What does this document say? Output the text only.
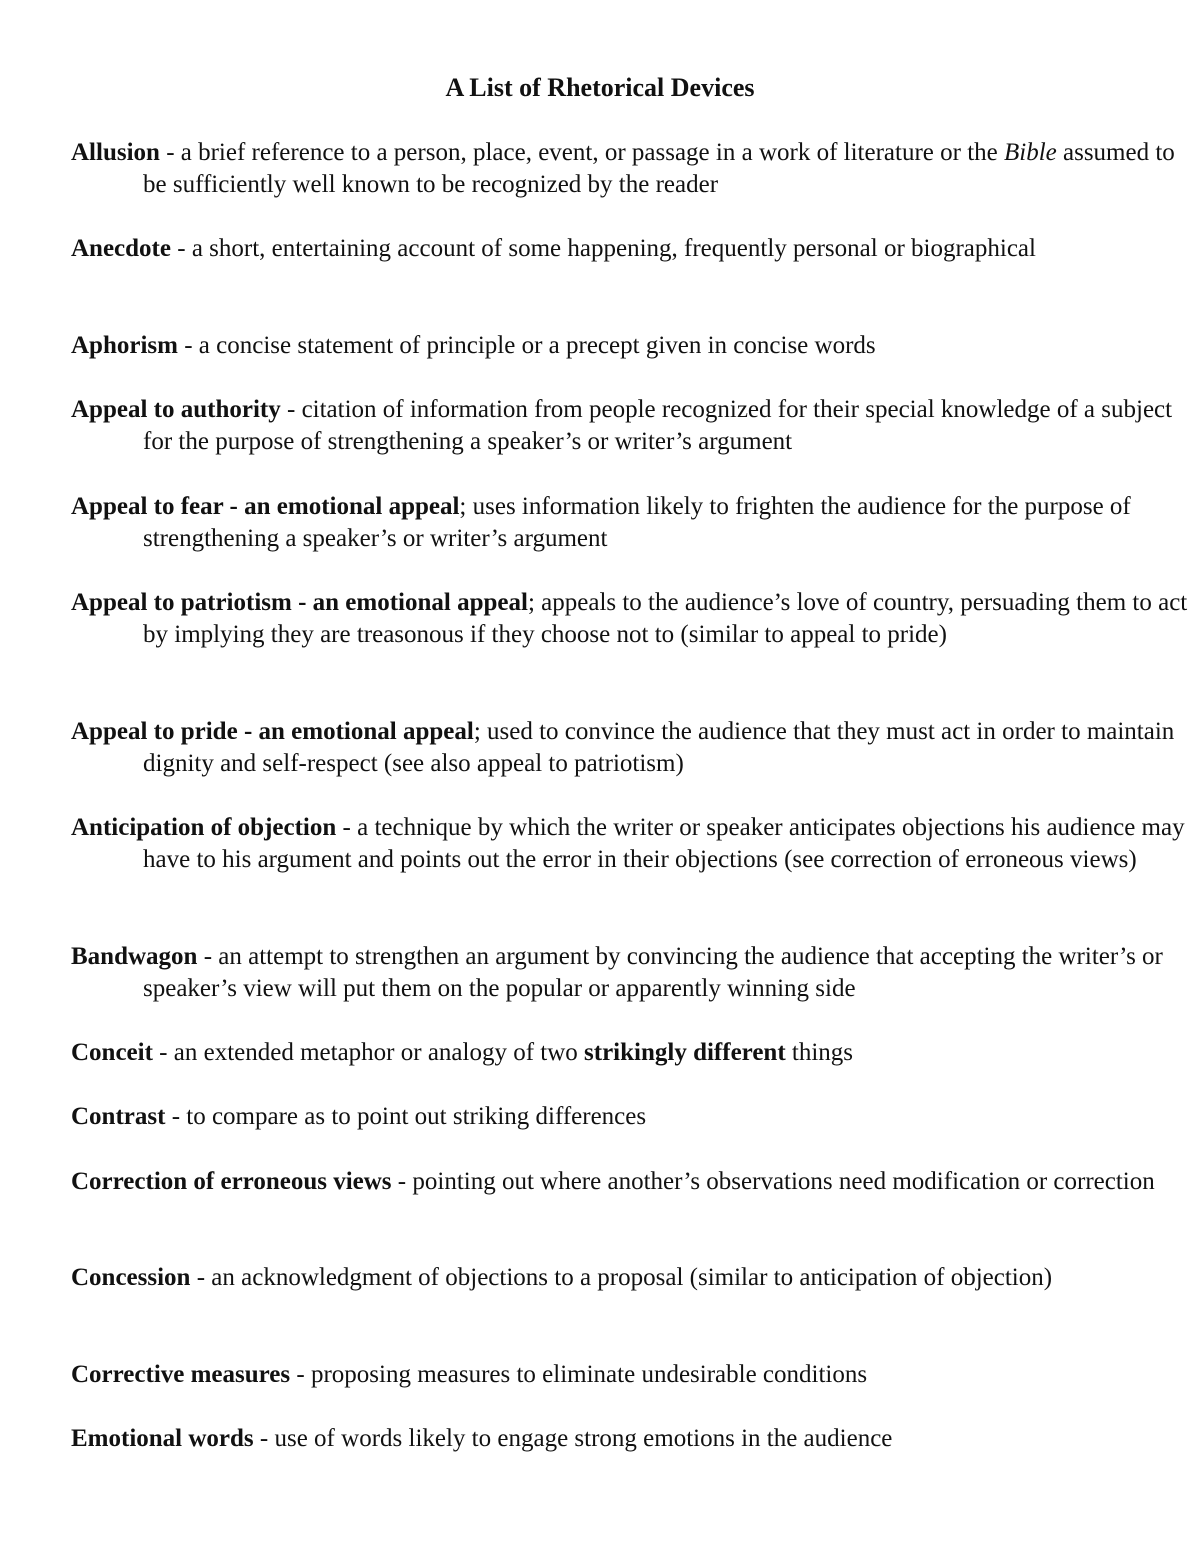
A List of Rhetorical Devices

Allusion - a brief reference to a person, place, event, or passage in a work of literature or the Bible assumed to be sufficiently well known to be recognized by the reader

Anecdote - a short, entertaining account of some happening, frequently personal or biographical

Aphorism - a concise statement of principle or a precept given in concise words

Appeal to authority - citation of information from people recognized for their special knowledge of a subject for the purpose of strengthening a speaker’s or writer’s argument

Appeal to fear - an emotional appeal; uses information likely to frighten the audience for the purpose of strengthening a speaker’s or writer’s argument

Appeal to patriotism - an emotional appeal; appeals to the audience’s love of country, persuading them to act by implying they are treasonous if they choose not to (similar to appeal to pride)

Appeal to pride - an emotional appeal; used to convince the audience that they must act in order to maintain dignity and self-respect (see also appeal to patriotism)

Anticipation of objection - a technique by which the writer or speaker anticipates objections his audience may have to his argument and points out the error in their objections (see correction of erroneous views)

Bandwagon - an attempt to strengthen an argument by convincing the audience that accepting the writer’s or speaker’s view will put them on the popular or apparently winning side

Conceit - an extended metaphor or analogy of two strikingly different things

Contrast - to compare as to point out striking differences

Correction of erroneous views - pointing out where another’s observations need modification or correction

Concession - an acknowledgment of objections to a proposal (similar to anticipation of objection)

Corrective measures - proposing measures to eliminate undesirable conditions

Emotional words - use of words likely to engage strong emotions in the audience
